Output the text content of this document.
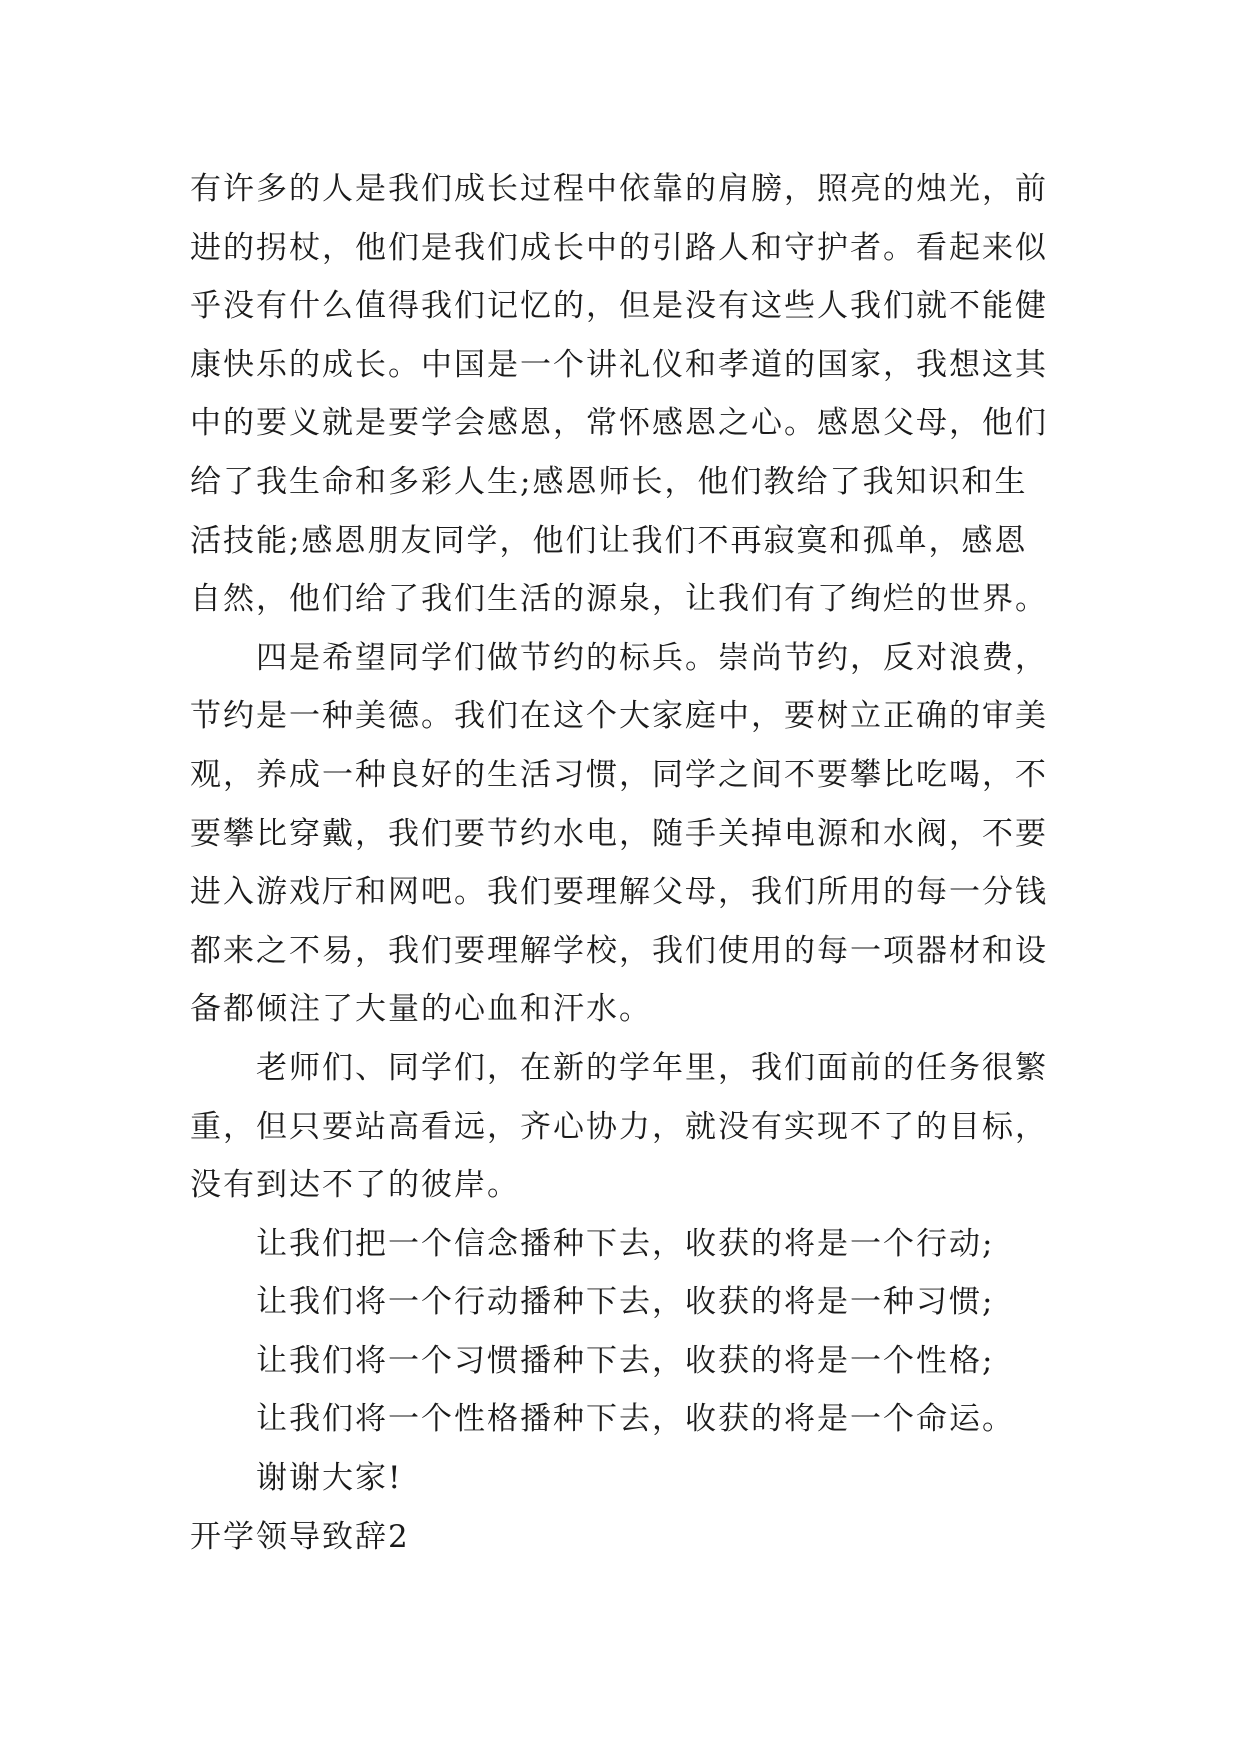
有许多的人是我们成长过程中依靠的肩膀，照亮的烛光，前
进的拐杖，他们是我们成长中的引路人和守护者。看起来似
乎没有什么值得我们记忆的，但是没有这些人我们就不能健
康快乐的成长。中国是一个讲礼仪和孝道的国家，我想这其
中的要义就是要学会感恩，常怀感恩之心。感恩父母，他们
给了我生命和多彩人生;感恩师长，他们教给了我知识和生
活技能;感恩朋友同学，他们让我们不再寂寞和孤单，感恩
自然，他们给了我们生活的源泉，让我们有了绚烂的世界。

四是希望同学们做节约的标兵。崇尚节约，反对浪费，
节约是一种美德。我们在这个大家庭中，要树立正确的审美
观，养成一种良好的生活习惯，同学之间不要攀比吃喝，不
要攀比穿戴，我们要节约水电，随手关掉电源和水阀，不要
进入游戏厅和网吧。我们要理解父母，我们所用的每一分钱
都来之不易，我们要理解学校，我们使用的每一项器材和设
备都倾注了大量的心血和汗水。

老师们、同学们，在新的学年里，我们面前的任务很繁
重，但只要站高看远，齐心协力，就没有实现不了的目标，
没有到达不了的彼岸。

让我们把一个信念播种下去，收获的将是一个行动;

让我们将一个行动播种下去，收获的将是一种习惯;

让我们将一个习惯播种下去，收获的将是一个性格;

让我们将一个性格播种下去，收获的将是一个命运。

谢谢大家!

开学领导致辞2
